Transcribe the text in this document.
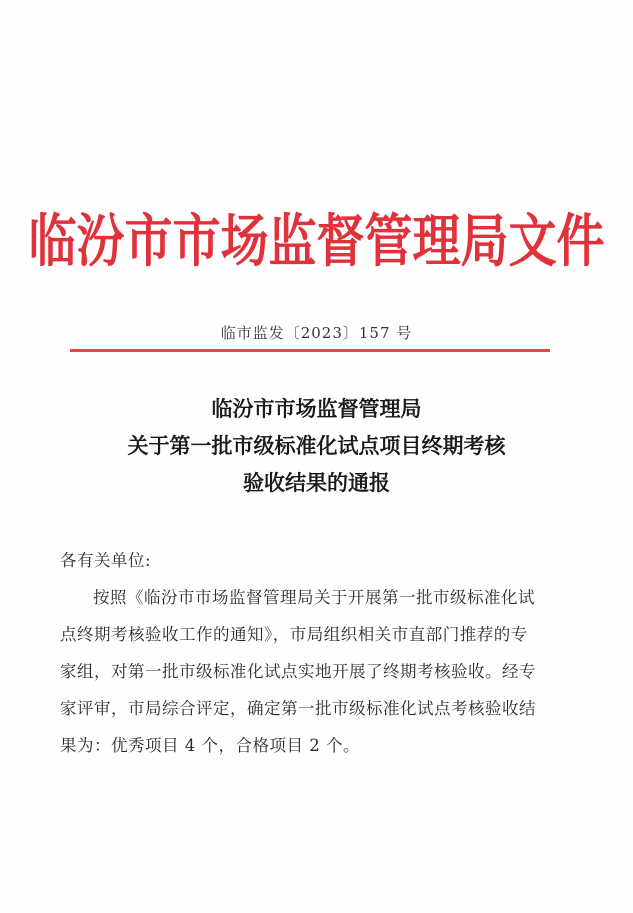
临汾市市场监督管理局文件
临市监发〔2023〕157 号
临汾市市场监督管理局
关于第一批市级标准化试点项目终期考核
验收结果的通报
各有关单位:
按照《临汾市市场监督管理局关于开展第一批市级标准化试
点终期考核验收工作的通知》，市局组织相关市直部门推荐的专
家组，对第一批市级标准化试点实地开展了终期考核验收。经专
家评审，市局综合评定，确定第一批市级标准化试点考核验收结
果为：优秀项目 4 个，合格项目 2 个。
